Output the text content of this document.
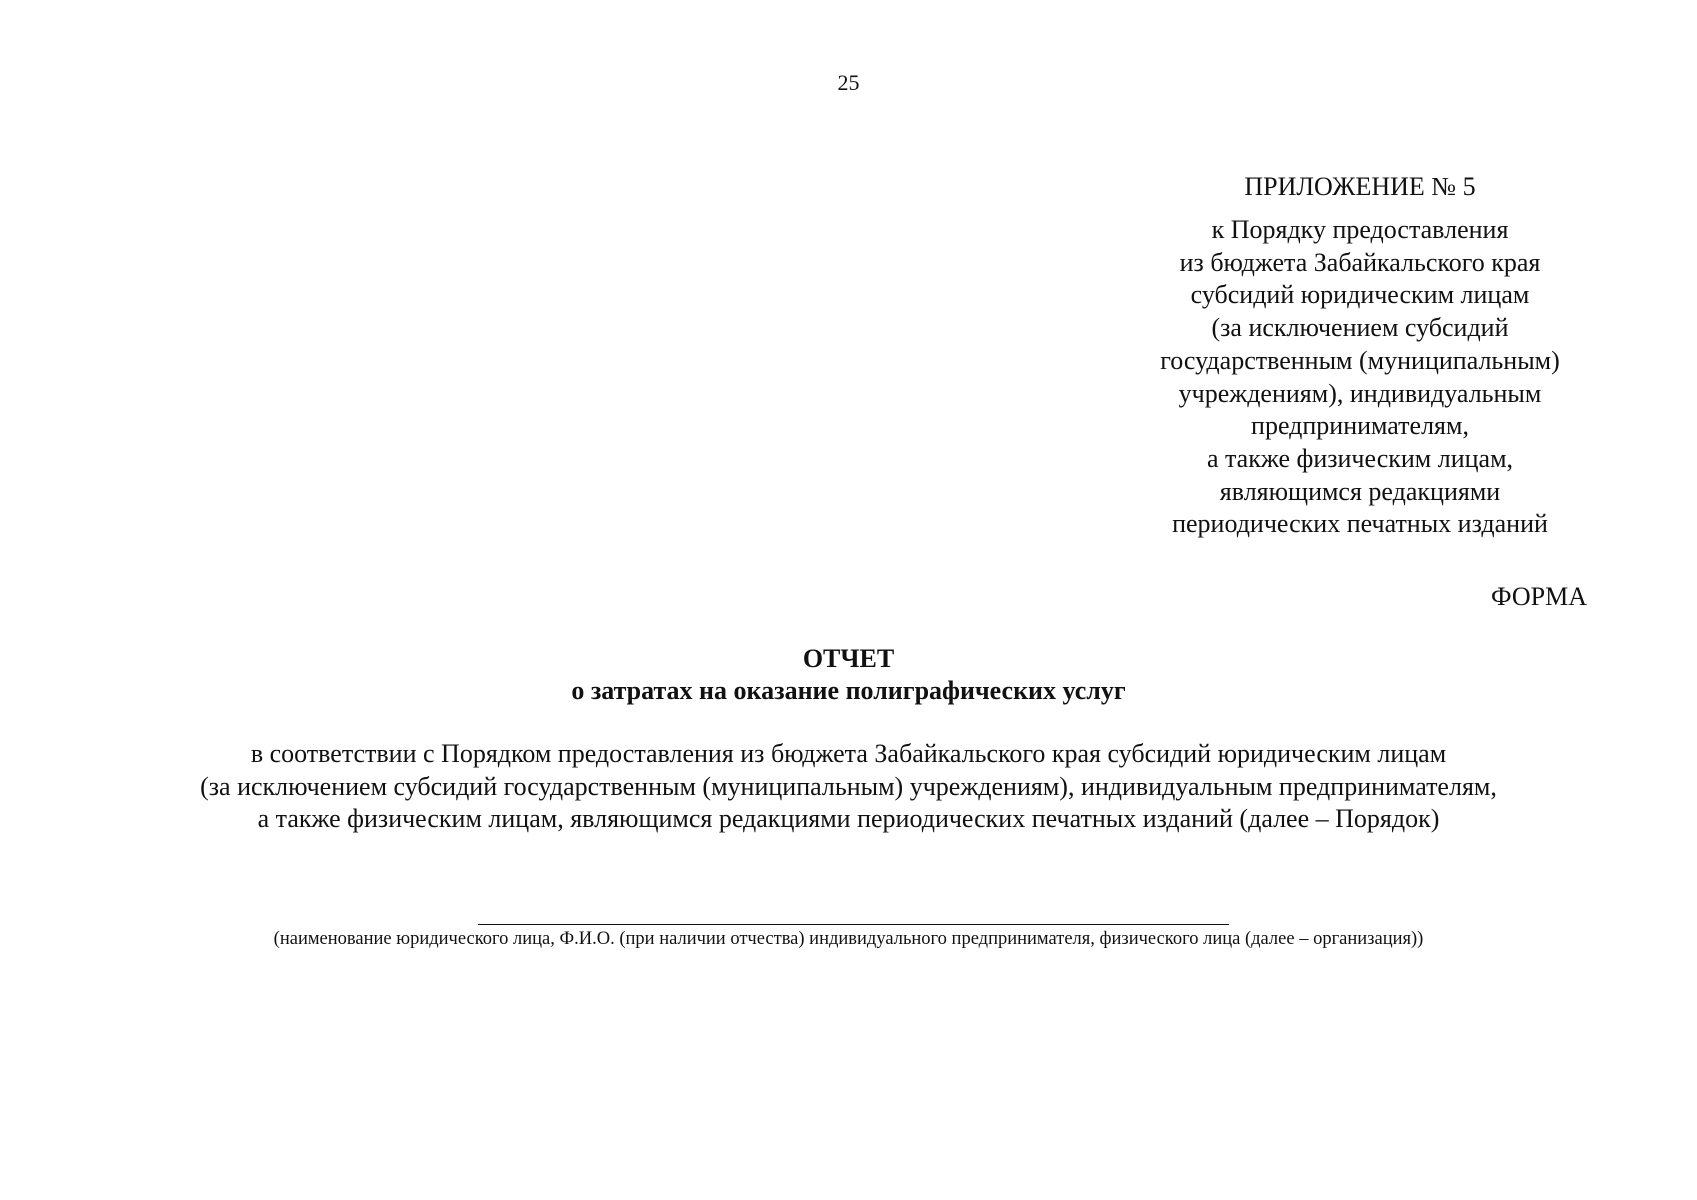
25
ПРИЛОЖЕНИЕ № 5
к Порядку предоставления
из бюджета Забайкальского края
субсидий юридическим лицам
(за исключением субсидий
государственным (муниципальным)
учреждениям), индивидуальным
предпринимателям,
а также физическим лицам,
являющимся редакциями
периодических печатных изданий
ФОРМА
ОТЧЕТ
о затратах на оказание полиграфических услуг
в соответствии с Порядком предоставления из бюджета Забайкальского края субсидий юридическим лицам
(за исключением субсидий государственным (муниципальным) учреждениям), индивидуальным предпринимателям,
а также физическим лицам, являющимся редакциями периодических печатных изданий (далее – Порядок)
(наименование юридического лица, Ф.И.О. (при наличии отчества) индивидуального предпринимателя, физического лица (далее – организация))
